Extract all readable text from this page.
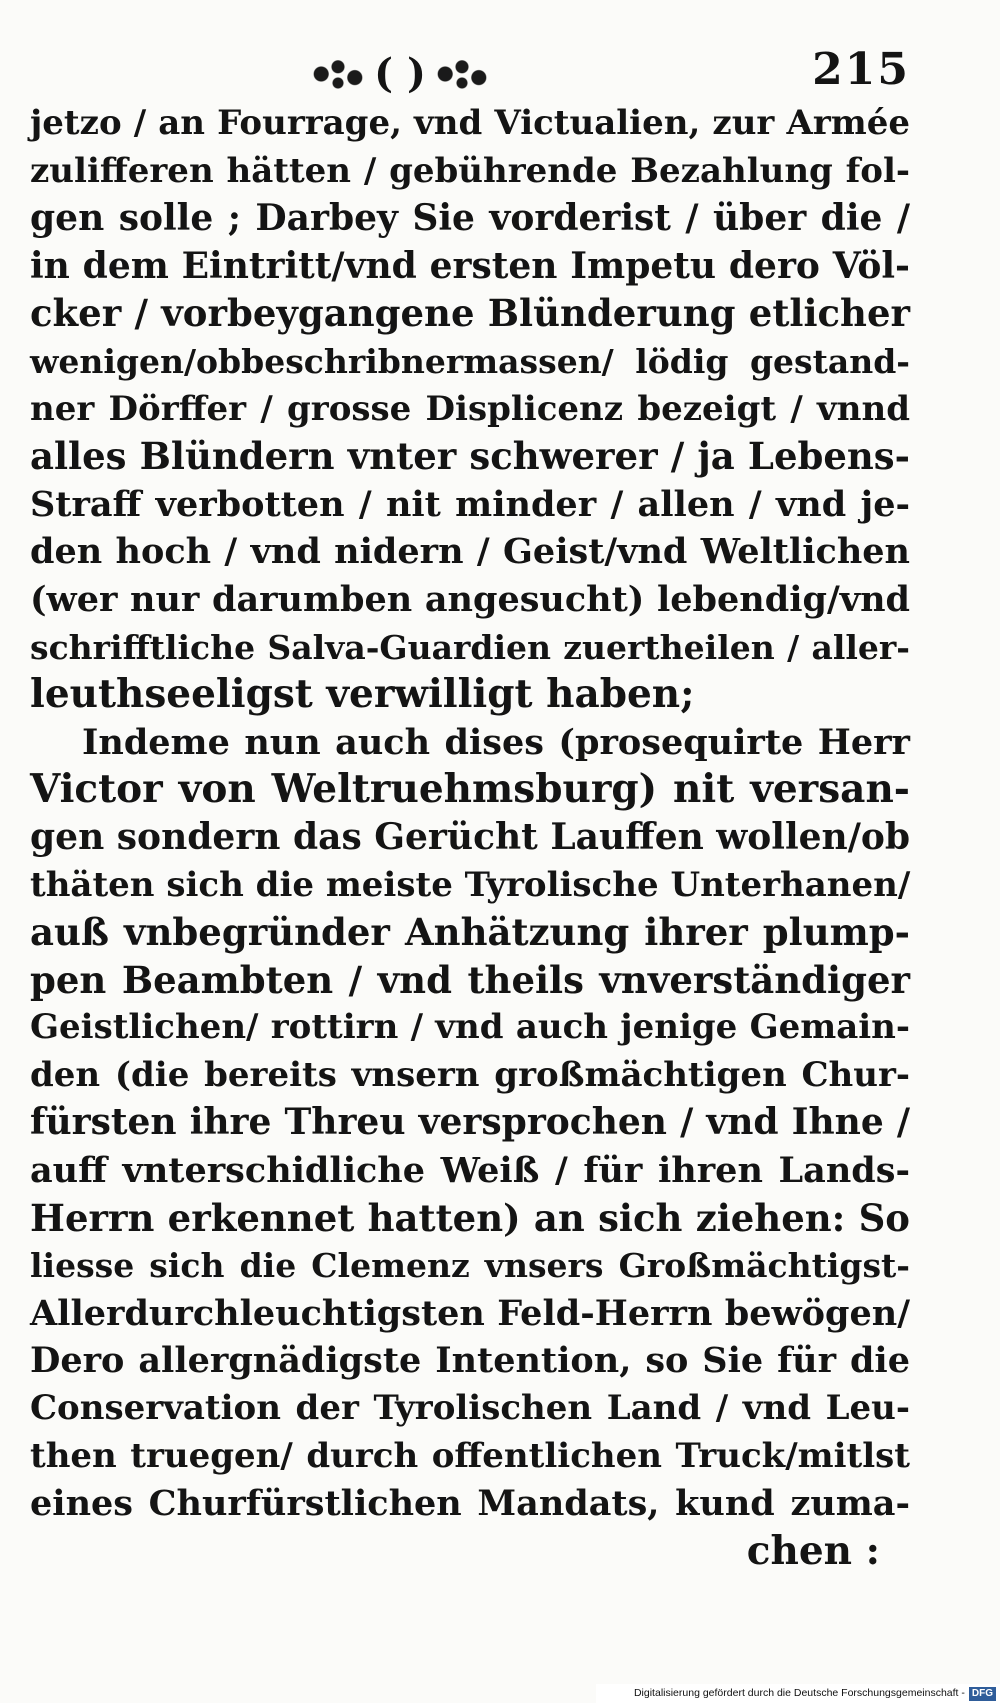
( )	215
jetzo / an Fourrage, vnd Victualien, zur Armée
zulifferen hätten / gebührende Bezahlung fol-
gen solle ; Darbey Sie vorderist / über die /
in dem Eintritt/vnd ersten Impetu dero Völ-
cker / vorbeygangene Blünderung etlicher
wenigen/obbeschribnermassen/ lödig gestand-
ner Dörffer / grosse Displicenz bezeigt / vnnd
alles Blündern vnter schwerer / ja Lebens-
Straff verbotten / nit minder / allen / vnd je-
den hoch / vnd nidern / Geist/vnd Weltlichen
(wer nur darumben angesucht) lebendig/vnd
schrifftliche Salva-Guardien zuertheilen / aller-
leuthseeligst verwilligt haben;
Indeme nun auch dises (prosequirte Herr
Victor von Weltruehmsburg) nit versan-
gen sondern das Gerücht Lauffen wollen/ob
thäten sich die meiste Tyrolische Unterhanen/
auß vnbegründer Anhätzung ihrer plump-
pen Beambten / vnd theils vnverständiger
Geistlichen/ rottirn / vnd auch jenige Gemain-
den (die bereits vnsern großmächtigen Chur-
fürsten ihre Threu versprochen / vnd Ihne /
auff vnterschidliche Weiß / für ihren Lands-
Herrn erkennet hatten) an sich ziehen: So
liesse sich die Clemenz vnsers Großmächtigst-
Allerdurchleuchtigsten Feld-Herrn bewögen/
Dero allergnädigste Intention, so Sie für die
Conservation der Tyrolischen Land / vnd Leu-
then truegen/ durch offentlichen Truck/mitlst
eines Churfürstlichen Mandats, kund zuma-
chen :
Digitalisierung gefördert durch die Deutsche Forschungsgemeinschaft - DFG
